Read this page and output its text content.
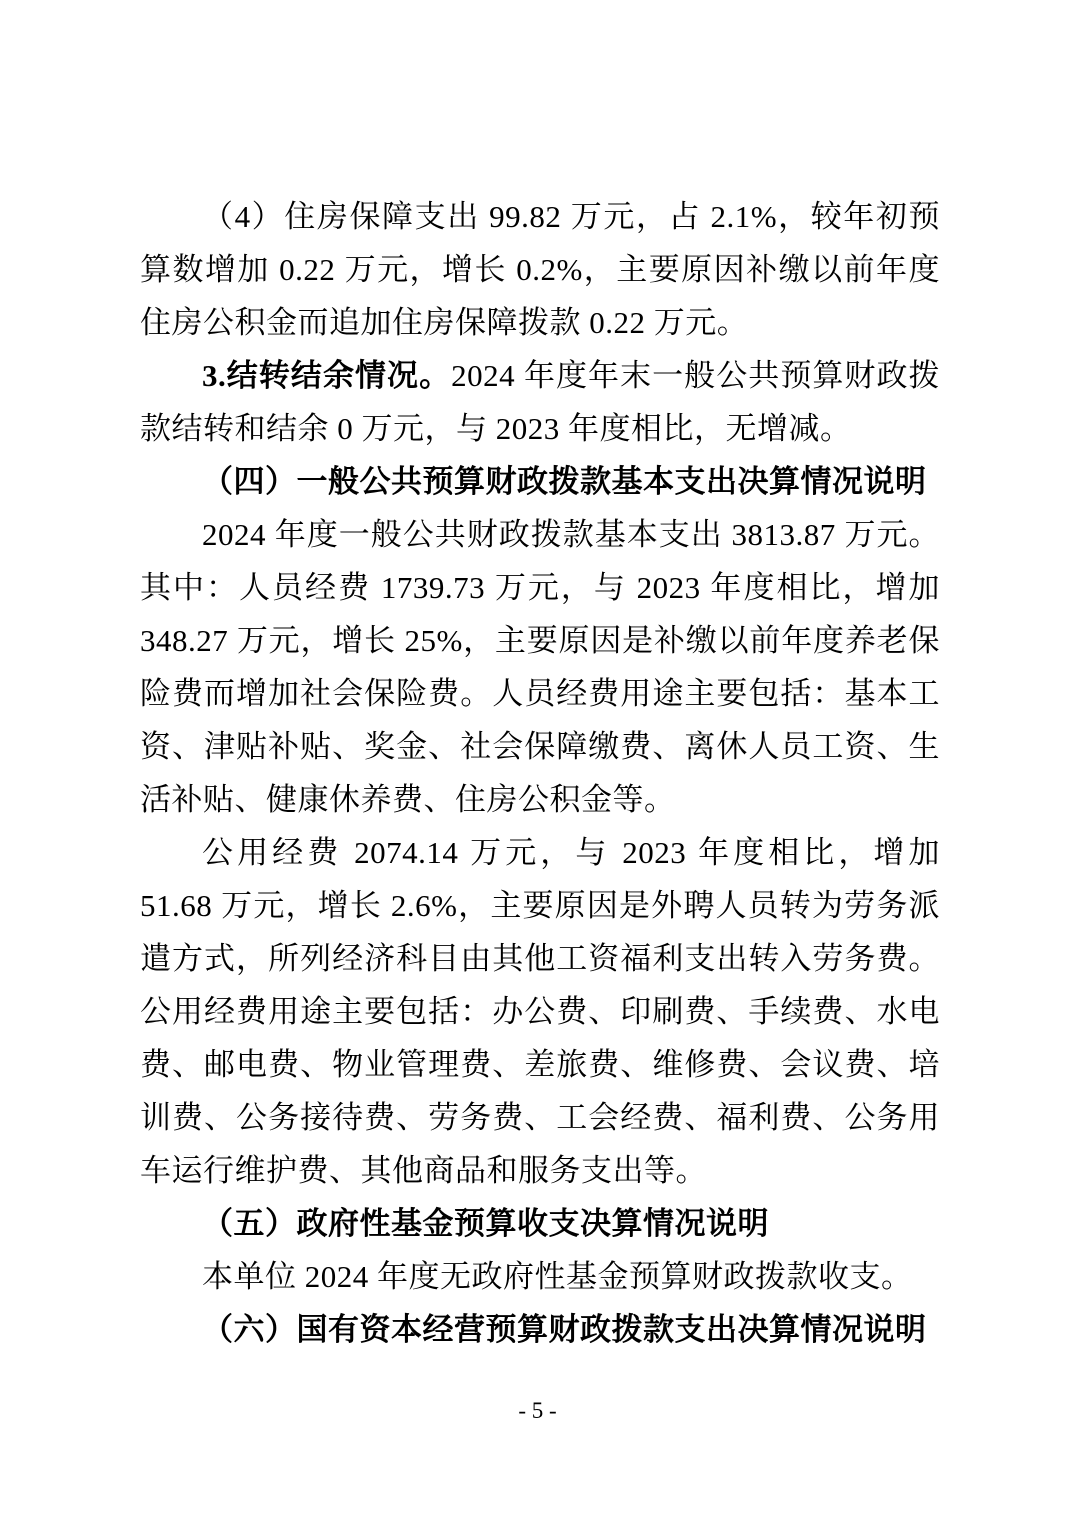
（4）住房保障支出 99.82 万元，占 2.1%，较年初预算数增加 0.22 万元，增长 0.2%，主要原因补缴以前年度住房公积金而追加住房保障拨款 0.22 万元。

3.结转结余情况。2024 年度年末一般公共预算财政拨款结转和结余 0 万元，与 2023 年度相比，无增减。

（四）一般公共预算财政拨款基本支出决算情况说明

2024 年度一般公共财政拨款基本支出 3813.87 万元。其中：人员经费 1739.73 万元，与 2023 年度相比，增加 348.27 万元，增长 25%，主要原因是补缴以前年度养老保险费而增加社会保险费。人员经费用途主要包括：基本工资、津贴补贴、奖金、社会保障缴费、离休人员工资、生活补贴、健康休养费、住房公积金等。

公用经费 2074.14 万元，与 2023 年度相比，增加 51.68 万元，增长 2.6%，主要原因是外聘人员转为劳务派遣方式，所列经济科目由其他工资福利支出转入劳务费。公用经费用途主要包括：办公费、印刷费、手续费、水电费、邮电费、物业管理费、差旅费、维修费、会议费、培训费、公务接待费、劳务费、工会经费、福利费、公务用车运行维护费、其他商品和服务支出等。

（五）政府性基金预算收支决算情况说明

本单位 2024 年度无政府性基金预算财政拨款收支。

（六）国有资本经营预算财政拨款支出决算情况说明

- 5 -
